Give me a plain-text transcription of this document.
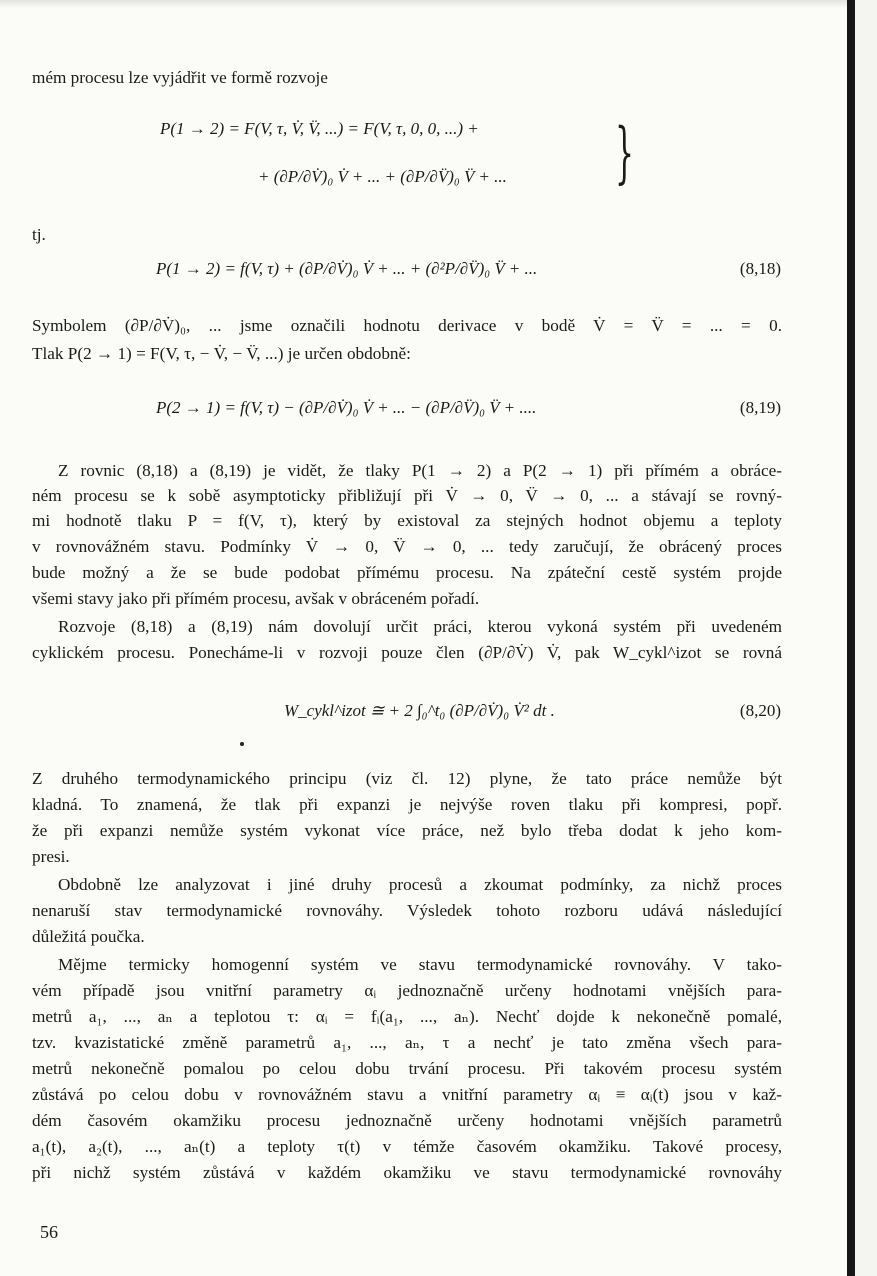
mém procesu lze vyjádřit ve formě rozvoje
P(1 → 2) = F(V, τ, V̇, V̈, ...) = F(V, τ, 0, 0, ...) +
+ (∂P/∂V̇)₀ V̇ + ... + (∂P/∂V̈)₀ V̈ + ... }
tj.
P(1 → 2) = f(V, τ) + (∂P/∂V̇)₀ V̇ + ... + (∂²P/∂V̈)₀ V̈ + ...	(8,18)
Symbolem (∂P/∂V̇)₀, ... jsme označili hodnotu derivace v bodě V̇ = V̈ = ... = 0.
Tlak P(2 → 1) = F(V, τ, − V̇, − V̈, ...) je určen obdobně:
P(2 → 1) = f(V, τ) − (∂P/∂V̇)₀ V̇ + ... − (∂P/∂V̈)₀ V̈ + ....	(8,19)
Z rovnic (8,18) a (8,19) je vidět, že tlaky P(1 → 2) a P(2 → 1) při přímém a obráce-
ném procesu se k sobě asymptoticky přibližují při V̇ → 0, V̈ → 0, ... a stávají se rovný-
mi hodnotě tlaku P = f(V, τ), který by existoval za stejných hodnot objemu a teploty
v rovnovážném stavu. Podmínky V̇ → 0, V̈ → 0, ... tedy zaručují, že obrácený proces
bude možný a že se bude podobat přímému procesu. Na zpáteční cestě systém projde
všemi stavy jako při přímém procesu, avšak v obráceném pořadí.
Rozvoje (8,18) a (8,19) nám dovolují určit práci, kterou vykoná systém při uvedeném
cyklickém procesu. Ponecháme-li v rozvoji pouze člen (∂P/∂V̇) V̇, pak W_cykl^izot se rovná
W_cykl^izot ≅ + 2 ∫₀^t₀ (∂P/∂V̇)₀ V̇² dt .	(8,20)
Z druhého termodynamického principu (viz čl. 12) plyne, že tato práce nemůže být
kladná. To znamená, že tlak při expanzi je nejvýše roven tlaku při kompresi, popř.
že při expanzi nemůže systém vykonat více práce, než bylo třeba dodat k jeho kom-
presi.
Obdobně lze analyzovat i jiné druhy procesů a zkoumat podmínky, za nichž proces
nenaruší stav termodynamické rovnováhy. Výsledek tohoto rozboru udává následující
důležitá poučka.
Mějme termicky homogenní systém ve stavu termodynamické rovnováhy. V tako-
vém případě jsou vnitřní parametry αᵢ jednoznačně určeny hodnotami vnějších para-
metrů a₁, ..., aₙ a teplotou τ: αᵢ = fᵢ(a₁, ..., aₙ). Nechť dojde k nekonečně pomalé,
tzv. kvazistatické změně parametrů a₁, ..., aₙ, τ a nechť je tato změna všech para-
metrů nekonečně pomalou po celou dobu trvání procesu. Při takovém procesu systém
zůstává po celou dobu v rovnovážném stavu a vnitřní parametry αᵢ ≡ αᵢ(t) jsou v kaž-
dém časovém okamžiku procesu jednoznačně určeny hodnotami vnějších parametrů
a₁(t), a₂(t), ..., aₙ(t) a teploty τ(t) v témže časovém okamžiku. Takové procesy,
při nichž systém zůstává v každém okamžiku ve stavu termodynamické rovnováhy
56
